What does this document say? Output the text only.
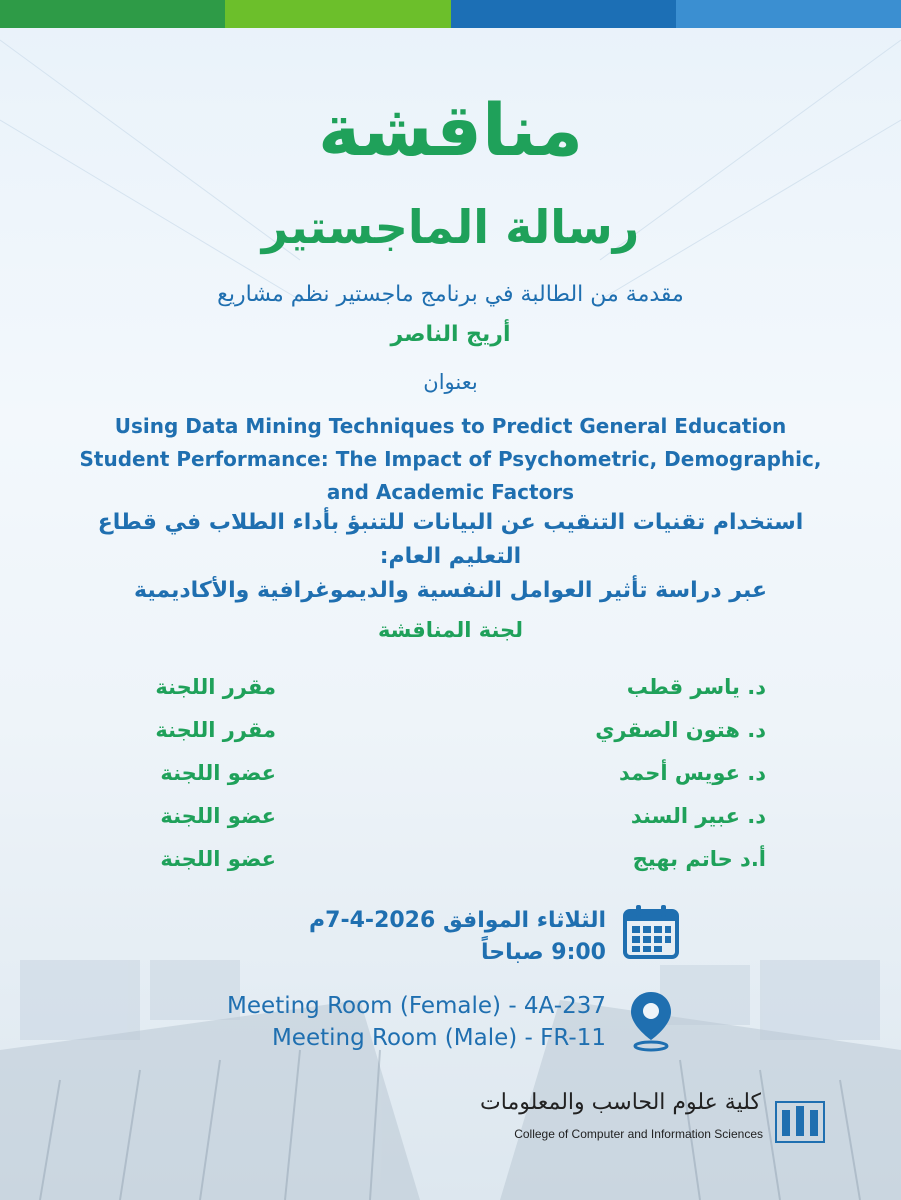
مناقشة
رسالة الماجستير
مقدمة من الطالبة في برنامج ماجستير نظم مشاريع
أريج الناصر
بعنوان
Using Data Mining Techniques to Predict General Education
Student Performance: The Impact of Psychometric, Demographic,
and Academic Factors
استخدام تقنيات التنقيب عن البيانات للتنبؤ بأداء الطلاب في قطاع
التعليم العام:
عبر دراسة تأثير العوامل النفسية والديموغرافية والأكاديمية
لجنة المناقشة
د. ياسر قطب
مقرر اللجنة
د. هتون الصقري
مقرر اللجنة
د. عويس أحمد
عضو اللجنة
د. عبير السند
عضو اللجنة
أ.د حاتم بهيج
عضو اللجنة
الثلاثاء الموافق 2026-4-7م
9:00 صباحاً
Meeting Room (Female) - 4A-237
Meeting Room (Male) - FR-11
كلية علوم الحاسب والمعلومات
College of Computer and Information Sciences
